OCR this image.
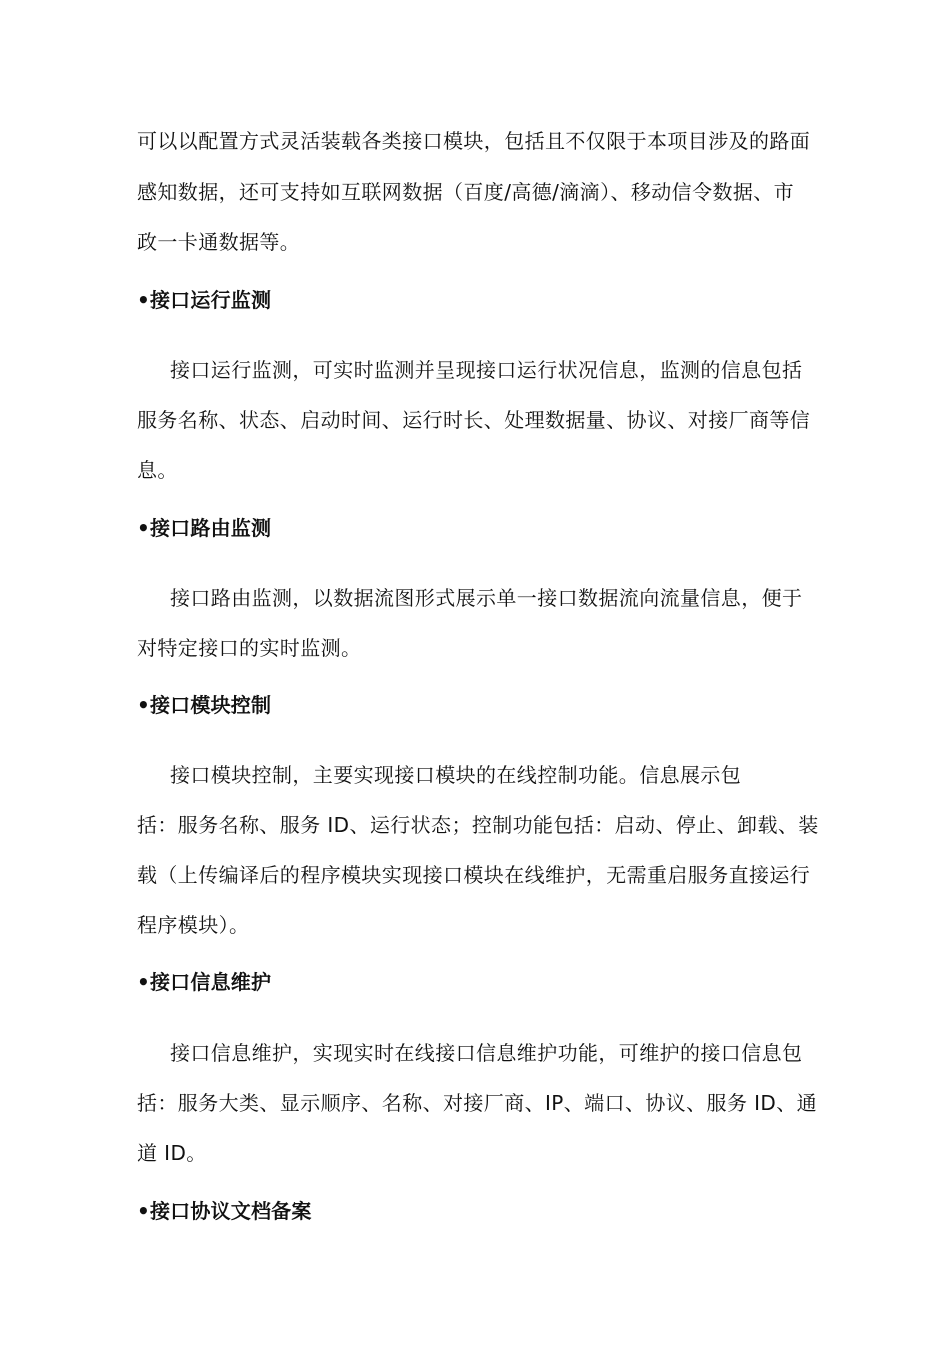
可以以配置方式灵活装载各类接口模块，包括且不仅限于本项目涉及的路面
感知数据，还可支持如互联网数据（百度/高德/滴滴）、移动信令数据、市
政一卡通数据等。
•接口运行监测
接口运行监测，可实时监测并呈现接口运行状况信息，监测的信息包括
服务名称、状态、启动时间、运行时长、处理数据量、协议、对接厂商等信
息。
•接口路由监测
接口路由监测，以数据流图形式展示单一接口数据流向流量信息，便于
对特定接口的实时监测。
•接口模块控制
接口模块控制，主要实现接口模块的在线控制功能。信息展示包
括：服务名称、服务 ID、运行状态；控制功能包括：启动、停止、卸载、装
载（上传编译后的程序模块实现接口模块在线维护，无需重启服务直接运行
程序模块）。
•接口信息维护
接口信息维护，实现实时在线接口信息维护功能，可维护的接口信息包
括：服务大类、显示顺序、名称、对接厂商、IP、端口、协议、服务 ID、通
道 ID。
•接口协议文档备案
